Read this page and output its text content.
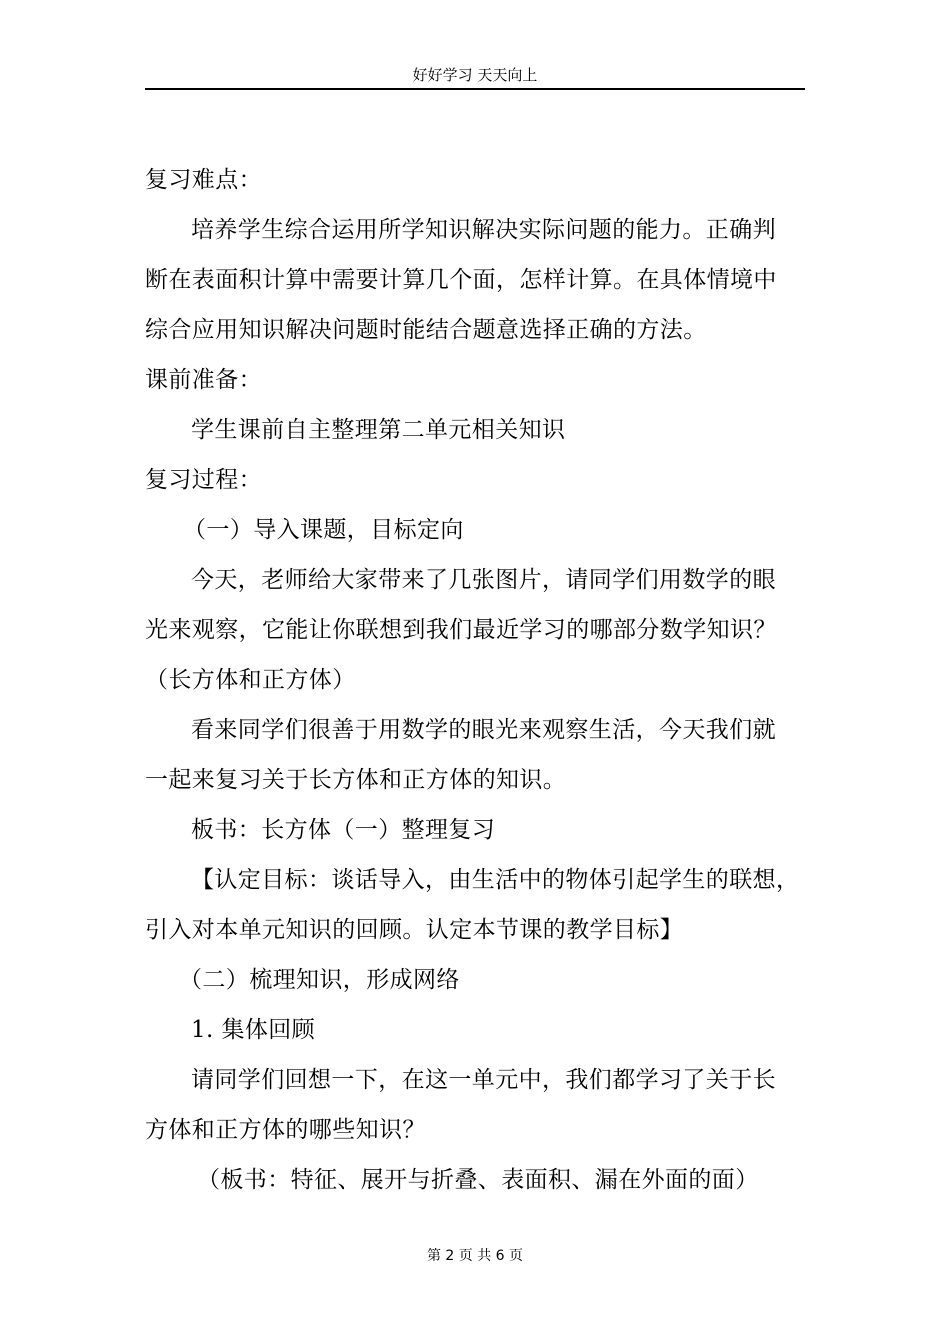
好好学习 天天向上
复习难点：
培养学生综合运用所学知识解决实际问题的能力。正确判
断在表面积计算中需要计算几个面，怎样计算。在具体情境中
综合应用知识解决问题时能结合题意选择正确的方法。
课前准备：
学生课前自主整理第二单元相关知识
复习过程：
（一）导入课题，目标定向
今天，老师给大家带来了几张图片，请同学们用数学的眼
光来观察，它能让你联想到我们最近学习的哪部分数学知识？
（长方体和正方体）
看来同学们很善于用数学的眼光来观察生活，今天我们就
一起来复习关于长方体和正方体的知识。
板书：长方体（一）整理复习
【认定目标：谈话导入，由生活中的物体引起学生的联想，
引入对本单元知识的回顾。认定本节课的教学目标】
（二）梳理知识，形成网络
1. 集体回顾
请同学们回想一下，在这一单元中，我们都学习了关于长
方体和正方体的哪些知识？
（板书：特征、展开与折叠、表面积、漏在外面的面）
第 2 页 共 6 页
